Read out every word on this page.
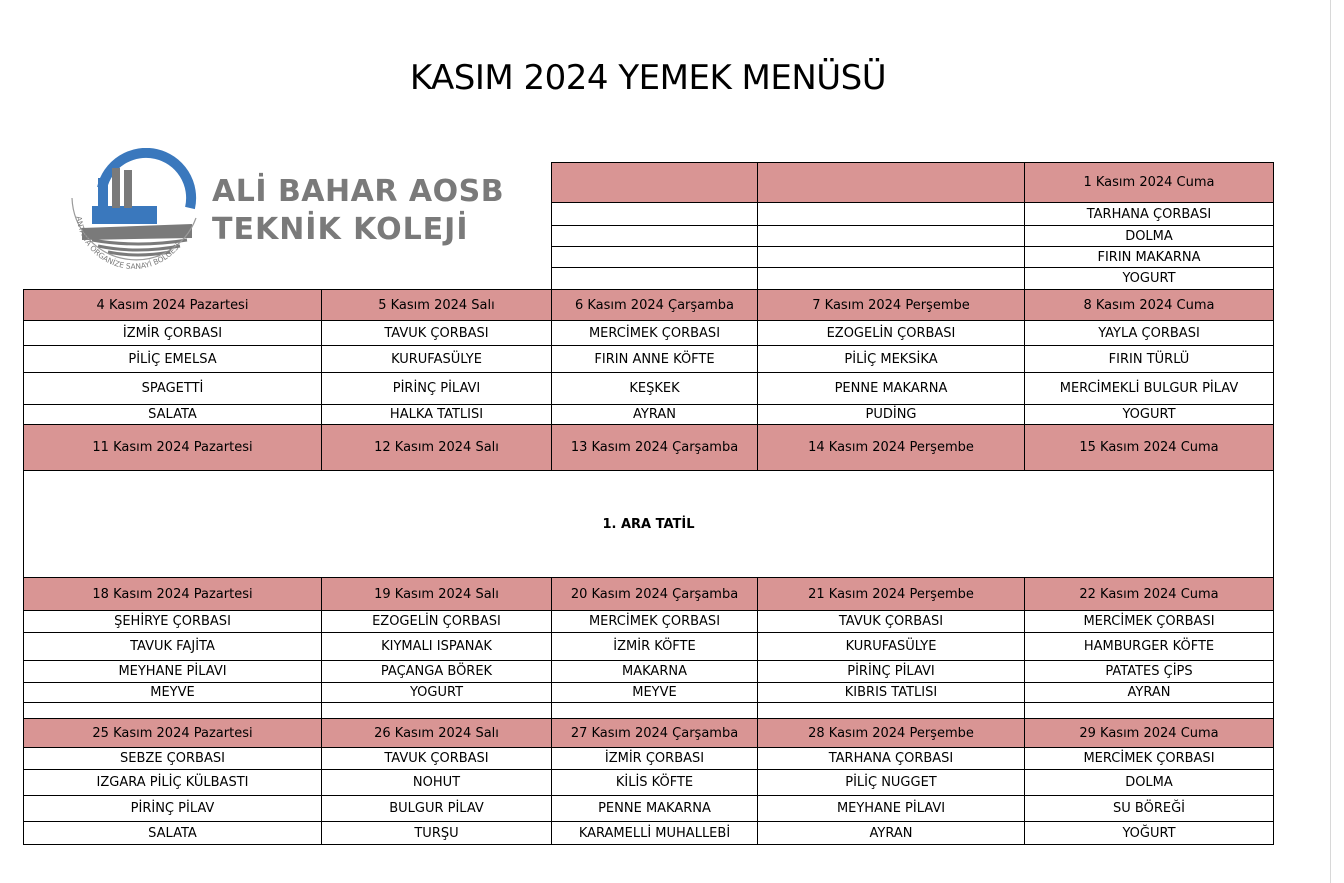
KASIM 2024 YEMEK MENÜSÜ
ANTALYA ORGANİZE SANAYİ BÖLGESİ
ALİ BAHAR AOSB
TEKNİK KOLEJİ
				1 Kasım 2024 Cuma
				TARHANA ÇORBASI
				DOLMA
				FIRIN MAKARNA
				YOGURT
4 Kasım 2024 Pazartesi	5 Kasım 2024 Salı	6 Kasım 2024 Çarşamba	7 Kasım 2024 Perşembe	8 Kasım 2024 Cuma
İZMİR ÇORBASI	TAVUK ÇORBASI	MERCİMEK ÇORBASI	EZOGELİN ÇORBASI	YAYLA ÇORBASI
PİLİÇ EMELSA	KURUFASÜLYE	FIRIN ANNE KÖFTE	PİLİÇ MEKSİKA	FIRIN TÜRLÜ
SPAGETTİ	PİRİNÇ PİLAVI	KEŞKEK	PENNE MAKARNA	MERCİMEKLİ BULGUR PİLAV
SALATA	HALKA TATLISI	AYRAN	PUDİNG	YOGURT
11 Kasım 2024 Pazartesi	12 Kasım 2024 Salı	13 Kasım 2024 Çarşamba	14 Kasım 2024 Perşembe	15 Kasım 2024 Cuma
1. ARA TATİL				
18 Kasım 2024 Pazartesi	19 Kasım 2024 Salı	20 Kasım 2024 Çarşamba	21 Kasım 2024 Perşembe	22 Kasım 2024 Cuma
ŞEHİRYE ÇORBASI	EZOGELİN ÇORBASI	MERCİMEK ÇORBASI	TAVUK ÇORBASI	MERCİMEK ÇORBASI
TAVUK FAJİTA	KIYMALI ISPANAK	İZMİR KÖFTE	KURUFASÜLYE	HAMBURGER KÖFTE
MEYHANE PİLAVI	PAÇANGA BÖREK	MAKARNA	PİRİNÇ PİLAVI	PATATES ÇİPS
MEYVE	YOGURT	MEYVE	KIBRIS TATLISI	AYRAN

25 Kasım 2024 Pazartesi	26 Kasım 2024 Salı	27 Kasım 2024 Çarşamba	28 Kasım 2024 Perşembe	29 Kasım 2024 Cuma
SEBZE ÇORBASI	TAVUK ÇORBASI	İZMİR ÇORBASI	TARHANA ÇORBASI	MERCİMEK ÇORBASI
IZGARA PİLİÇ KÜLBASTI	NOHUT	KİLİS KÖFTE	PİLİÇ NUGGET	DOLMA
PİRİNÇ PİLAV	BULGUR PİLAV	PENNE MAKARNA	MEYHANE PİLAVI	SU BÖREĞİ
SALATA	TURŞU	KARAMELLİ MUHALLEBİ	AYRAN	YOĞURT
